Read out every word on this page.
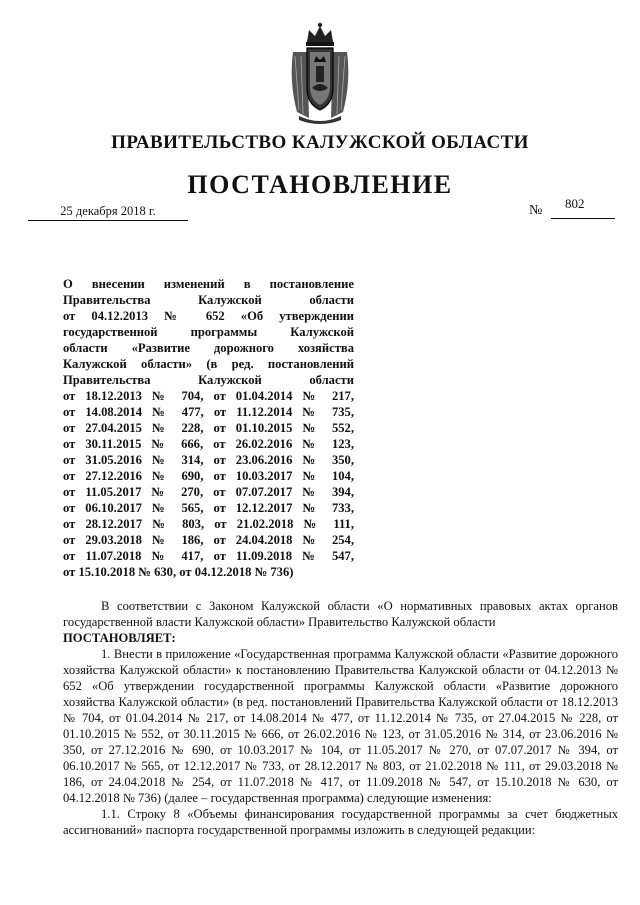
ПРАВИТЕЛЬСТВО КАЛУЖСКОЙ ОБЛАСТИ
ПОСТАНОВЛЕНИЕ
25 декабря 2018 г.	№ 802

О внесении изменений в постановление
Правительства Калужской области
от 04.12.2013 № 652 «Об утверждении
государственной программы Калужской
области «Развитие дорожного хозяйства
Калужской области» (в ред. постановлений
Правительства Калужской области
от 18.12.2013 № 704, от 01.04.2014 № 217,
от 14.08.2014 № 477, от 11.12.2014 № 735,
от 27.04.2015 № 228, от 01.10.2015 № 552,
от 30.11.2015 № 666, от 26.02.2016 № 123,
от 31.05.2016 № 314, от 23.06.2016 № 350,
от 27.12.2016 № 690, от 10.03.2017 № 104,
от 11.05.2017 № 270, от 07.07.2017 № 394,
от 06.10.2017 № 565, от 12.12.2017 № 733,
от 28.12.2017 № 803, от 21.02.2018 № 111,
от 29.03.2018 № 186, от 24.04.2018 № 254,
от 11.07.2018 № 417, от 11.09.2018 № 547,
от 15.10.2018 № 630, от 04.12.2018 № 736)

В соответствии с Законом Калужской области «О нормативных правовых актах органов государственной власти Калужской области» Правительство Калужской области

ПОСТАНОВЛЯЕТ:

1. Внести в приложение «Государственная программа Калужской области «Развитие дорожного хозяйства Калужской области» к постановлению Правительства Калужской области от 04.12.2013 № 652 «Об утверждении государственной программы Калужской области «Развитие дорожного хозяйства Калужской области» (в ред. постановлений Правительства Калужской области от 18.12.2013 № 704, от 01.04.2014 № 217, от 14.08.2014 № 477, от 11.12.2014 № 735, от 27.04.2015 № 228, от 01.10.2015 № 552, от 30.11.2015 № 666, от 26.02.2016 № 123, от 31.05.2016 № 314, от 23.06.2016 № 350, от 27.12.2016 № 690, от 10.03.2017 № 104, от 11.05.2017 № 270, от 07.07.2017 № 394, от 06.10.2017 № 565, от 12.12.2017 № 733, от 28.12.2017 № 803, от 21.02.2018 № 111, от 29.03.2018 № 186, от 24.04.2018 № 254, от 11.07.2018 № 417, от 11.09.2018 № 547, от 15.10.2018 № 630, от 04.12.2018 № 736) (далее – государственная программа) следующие изменения:

1.1. Строку 8 «Объемы финансирования государственной программы за счет бюджетных ассигнований» паспорта государственной программы изложить в следующей редакции:
